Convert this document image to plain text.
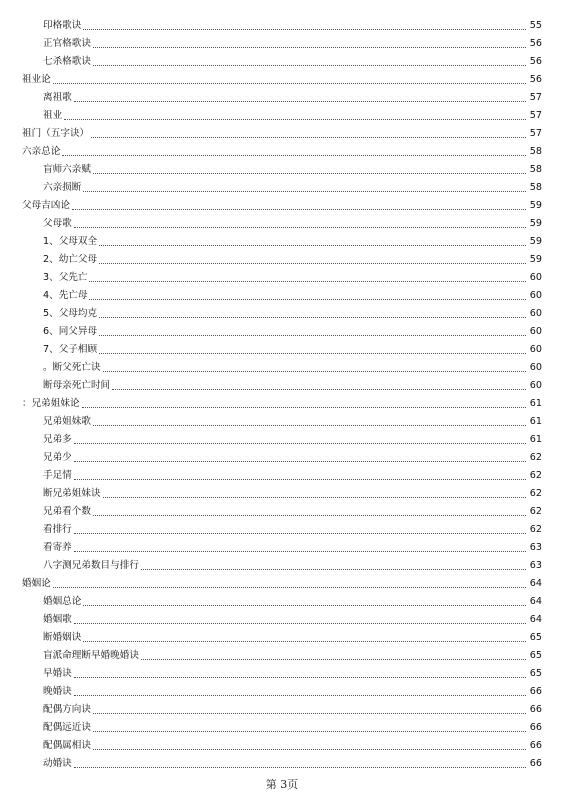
印格歌诀	55
正官格歌诀	56
七杀格歌诀	56
祖业论	56
离祖歌	57
祖业	57
祖门（五字诀）	57
六亲总论	58
盲师六亲赋	58
六亲损断	58
父母吉凶论	59
父母歌	59
1、父母双全	59
2、幼亡父母	59
3、父先亡	60
4、先亡母	60
5、父母均克	60
6、同父异母	60
7、父子相顾	60
。断父死亡诀	60
断母亲死亡时间	60
：兄弟姐妹论	61
兄弟姐妹歌	61
兄弟多	61
兄弟少	62
手足情	62
断兄弟姐妹诀	62
兄弟看个数	62
看排行	62
看寄养	63
八字测兄弟数目与排行	63
婚姻论	64
婚姻总论	64
婚姻歌	64
断婚姻诀	65
盲派命理断早婚晚婚诀	65
早婚诀	65
晚婚诀	66
配偶方向诀	66
配偶远近诀	66
配偶属相诀	66
动婚诀	66
第 3页
